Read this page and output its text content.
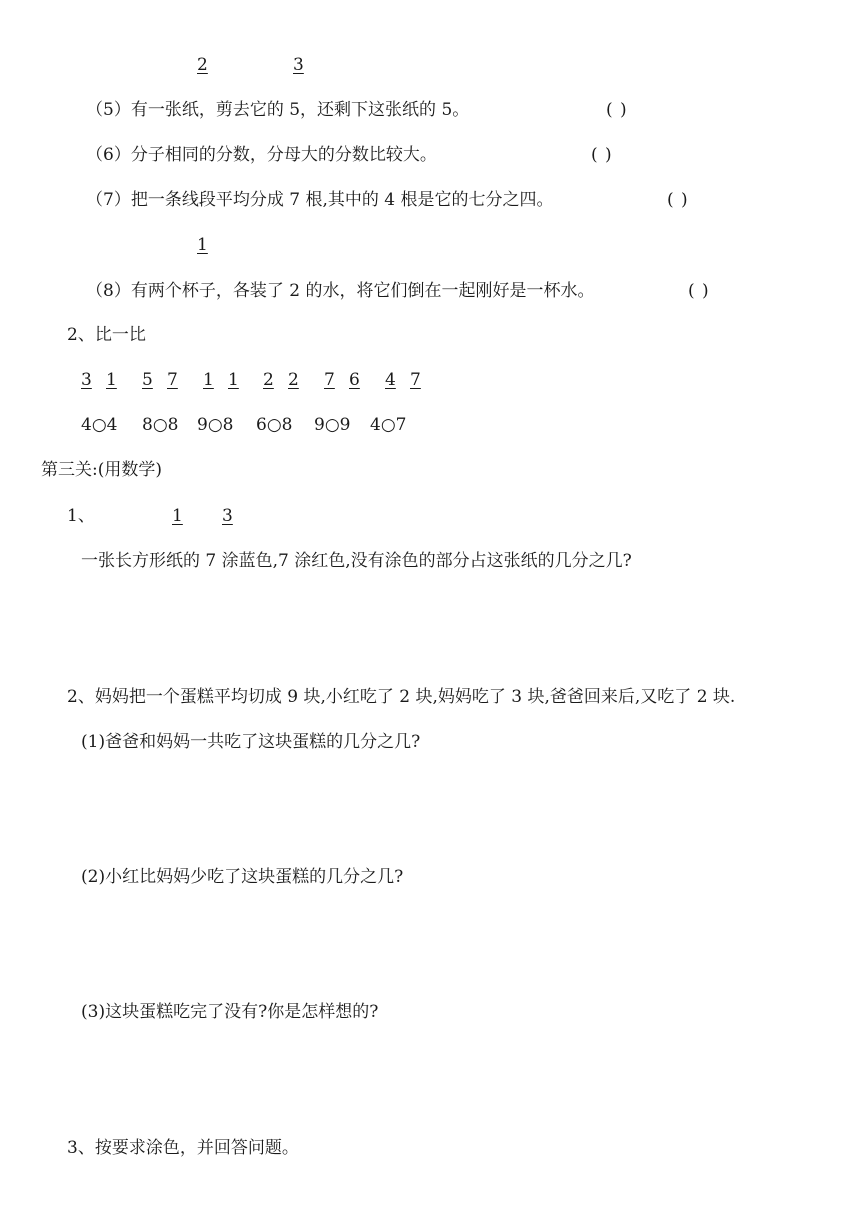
2	3
（5）有一张纸，剪去它的 5，还剩下这张纸的 5。	( )
（6）分子相同的分数，分母大的分数比较大。	( )
（7）把一条线段平均分成 7 根,其中的 4 根是它的七分之四。	( )
1
（8）有两个杯子，各装了 2 的水，将它们倒在一起刚好是一杯水。	( )
2、比一比
3 1 5 7 1 1 2 2 7 6 4 7
4○4 8○8 9○8 6○8 9○9 4○7
第三关:(用数学)
1、	1 3
一张长方形纸的 7 涂蓝色,7 涂红色,没有涂色的部分占这张纸的几分之几?
2、妈妈把一个蛋糕平均切成 9 块,小红吃了 2 块,妈妈吃了 3 块,爸爸回来后,又吃了 2 块.
(1)爸爸和妈妈一共吃了这块蛋糕的几分之几?
(2)小红比妈妈少吃了这块蛋糕的几分之几?
(3)这块蛋糕吃完了没有?你是怎样想的?
3、按要求涂色，并回答问题。
